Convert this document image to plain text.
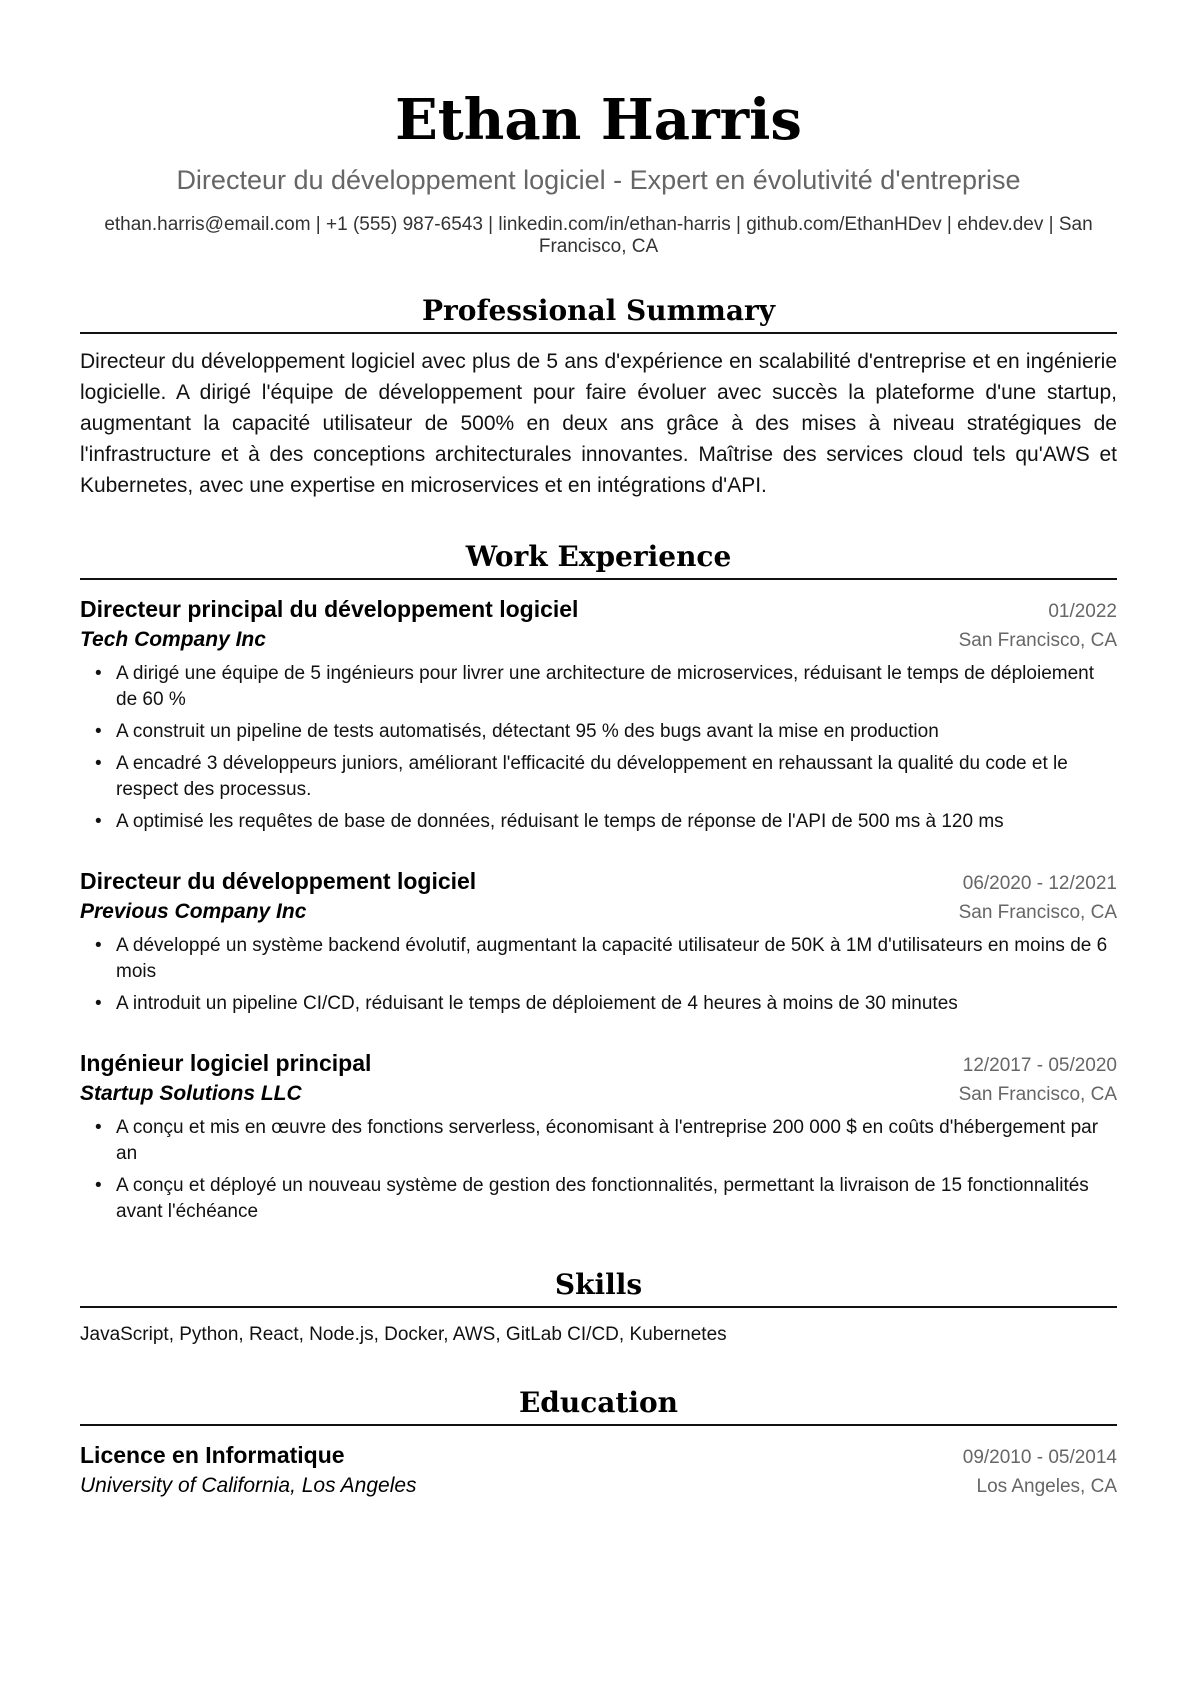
Ethan Harris
Directeur du développement logiciel - Expert en évolutivité d'entreprise
ethan.harris@email.com | +1 (555) 987-6543 | linkedin.com/in/ethan-harris | github.com/EthanHDev | ehdev.dev | San Francisco, CA
Professional Summary
Directeur du développement logiciel avec plus de 5 ans d'expérience en scalabilité d'entreprise et en ingénierie logicielle. A dirigé l'équipe de développement pour faire évoluer avec succès la plateforme d'une startup, augmentant la capacité utilisateur de 500% en deux ans grâce à des mises à niveau stratégiques de l'infrastructure et à des conceptions architecturales innovantes. Maîtrise des services cloud tels qu'AWS et Kubernetes, avec une expertise en microservices et en intégrations d'API.
Work Experience
Directeur principal du développement logiciel	01/2022
Tech Company Inc	San Francisco, CA
• A dirigé une équipe de 5 ingénieurs pour livrer une architecture de microservices, réduisant le temps de déploiement de 60 %
• A construit un pipeline de tests automatisés, détectant 95 % des bugs avant la mise en production
• A encadré 3 développeurs juniors, améliorant l'efficacité du développement en rehaussant la qualité du code et le respect des processus.
• A optimisé les requêtes de base de données, réduisant le temps de réponse de l'API de 500 ms à 120 ms
Directeur du développement logiciel	06/2020 - 12/2021
Previous Company Inc	San Francisco, CA
• A développé un système backend évolutif, augmentant la capacité utilisateur de 50K à 1M d'utilisateurs en moins de 6 mois
• A introduit un pipeline CI/CD, réduisant le temps de déploiement de 4 heures à moins de 30 minutes
Ingénieur logiciel principal	12/2017 - 05/2020
Startup Solutions LLC	San Francisco, CA
• A conçu et mis en œuvre des fonctions serverless, économisant à l'entreprise 200 000 $ en coûts d'hébergement par an
• A conçu et déployé un nouveau système de gestion des fonctionnalités, permettant la livraison de 15 fonctionnalités avant l'échéance
Skills
JavaScript, Python, React, Node.js, Docker, AWS, GitLab CI/CD, Kubernetes
Education
Licence en Informatique	09/2010 - 05/2014
University of California, Los Angeles	Los Angeles, CA
